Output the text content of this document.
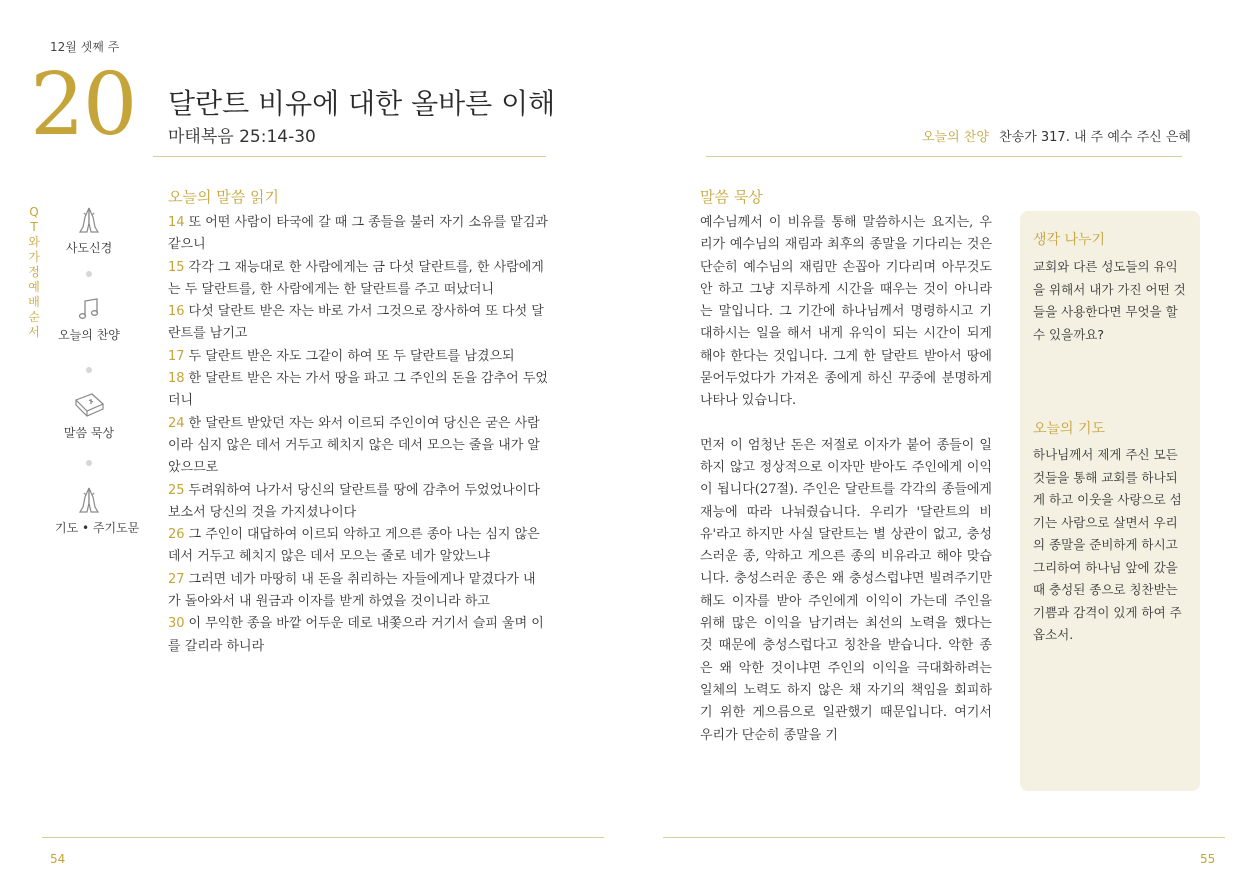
12월 셋째 주
20 달란트 비유에 대한 올바른 이해
마태복음 25:14-30	오늘의 찬양 찬송가 317. 내 주 예수 주신 은혜
QT와 가정예배 순서
사도신경
오늘의 찬양
말씀 묵상
기도 • 주기도문
오늘의 말씀 읽기
14 또 어떤 사람이 타국에 갈 때 그 종들을 불러 자기 소유를 맡김과 같으니
15 각각 그 재능대로 한 사람에게는 금 다섯 달란트를, 한 사람에게는 두 달란트를, 한 사람에게는 한 달란트를 주고 떠났더니
16 다섯 달란트 받은 자는 바로 가서 그것으로 장사하여 또 다섯 달란트를 남기고
17 두 달란트 받은 자도 그같이 하여 또 두 달란트를 남겼으되
18 한 달란트 받은 자는 가서 땅을 파고 그 주인의 돈을 감추어 두었더니
24 한 달란트 받았던 자는 와서 이르되 주인이여 당신은 굳은 사람이라 심지 않은 데서 거두고 헤치지 않은 데서 모으는 줄을 내가 알았으므로
25 두려워하여 나가서 당신의 달란트를 땅에 감추어 두었었나이다 보소서 당신의 것을 가지셨나이다
26 그 주인이 대답하여 이르되 악하고 게으른 종아 나는 심지 않은 데서 거두고 헤치지 않은 데서 모으는 줄로 네가 알았느냐
27 그러면 네가 마땅히 내 돈을 취리하는 자들에게나 맡겼다가 내가 돌아와서 내 원금과 이자를 받게 하였을 것이니라 하고
30 이 무익한 종을 바깥 어두운 데로 내쫓으라 거기서 슬피 울며 이를 갈리라 하니라
말씀 묵상

예수님께서 이 비유를 통해 말씀하시는 요지는, 우리가 예수님의 재림과 최후의 종말을 기다리는 것은 단순히 예수님의 재림만 손꼽아 기다리며 아무것도 안 하고 그냥 지루하게 시간을 때우는 것이 아니라는 말입니다. 그 기간에 하나님께서 명령하시고 기대하시는 일을 해서 내게 유익이 되는 시간이 되게 해야 한다는 것입니다. 그게 한 달란트 받아서 땅에 묻어두었다가 가져온 종에게 하신 꾸중에 분명하게 나타나 있습니다.

먼저 이 엄청난 돈은 저절로 이자가 붙어 종들이 일하지 않고 정상적으로 이자만 받아도 주인에게 이익이 됩니다(27절). 주인은 달란트를 각각의 종들에게 재능에 따라 나눠줬습니다. 우리가 '달란트의 비유'라고 하지만 사실 달란트는 별 상관이 없고, 충성스러운 종, 악하고 게으른 종의 비유라고 해야 맞습니다. 충성스러운 종은 왜 충성스럽냐면 빌려주기만 해도 이자를 받아 주인에게 이익이 가는데 주인을 위해 많은 이익을 남기려는 최선의 노력을 했다는 것 때문에 충성스럽다고 칭찬을 받습니다. 악한 종은 왜 악한 것이냐면 주인의 이익을 극대화하려는 일체의 노력도 하지 않은 채 자기의 책임을 회피하기 위한 게으름으로 일관했기 때문입니다. 여기서 우리가 단순히 종말을 기

생각 나누기
교회와 다른 성도들의 유익을 위해서 내가 가진 어떤 것들을 사용한다면 무엇을 할 수 있을까요?
오늘의 기도
하나님께서 제게 주신 모든 것들을 통해 교회를 하나되게 하고 이웃을 사랑으로 섬기는 사람으로 살면서 우리의 종말을 준비하게 하시고 그리하여 하나님 앞에 갔을 때 충성된 종으로 칭찬받는 기쁨과 감격이 있게 하여 주옵소서.
54	55
